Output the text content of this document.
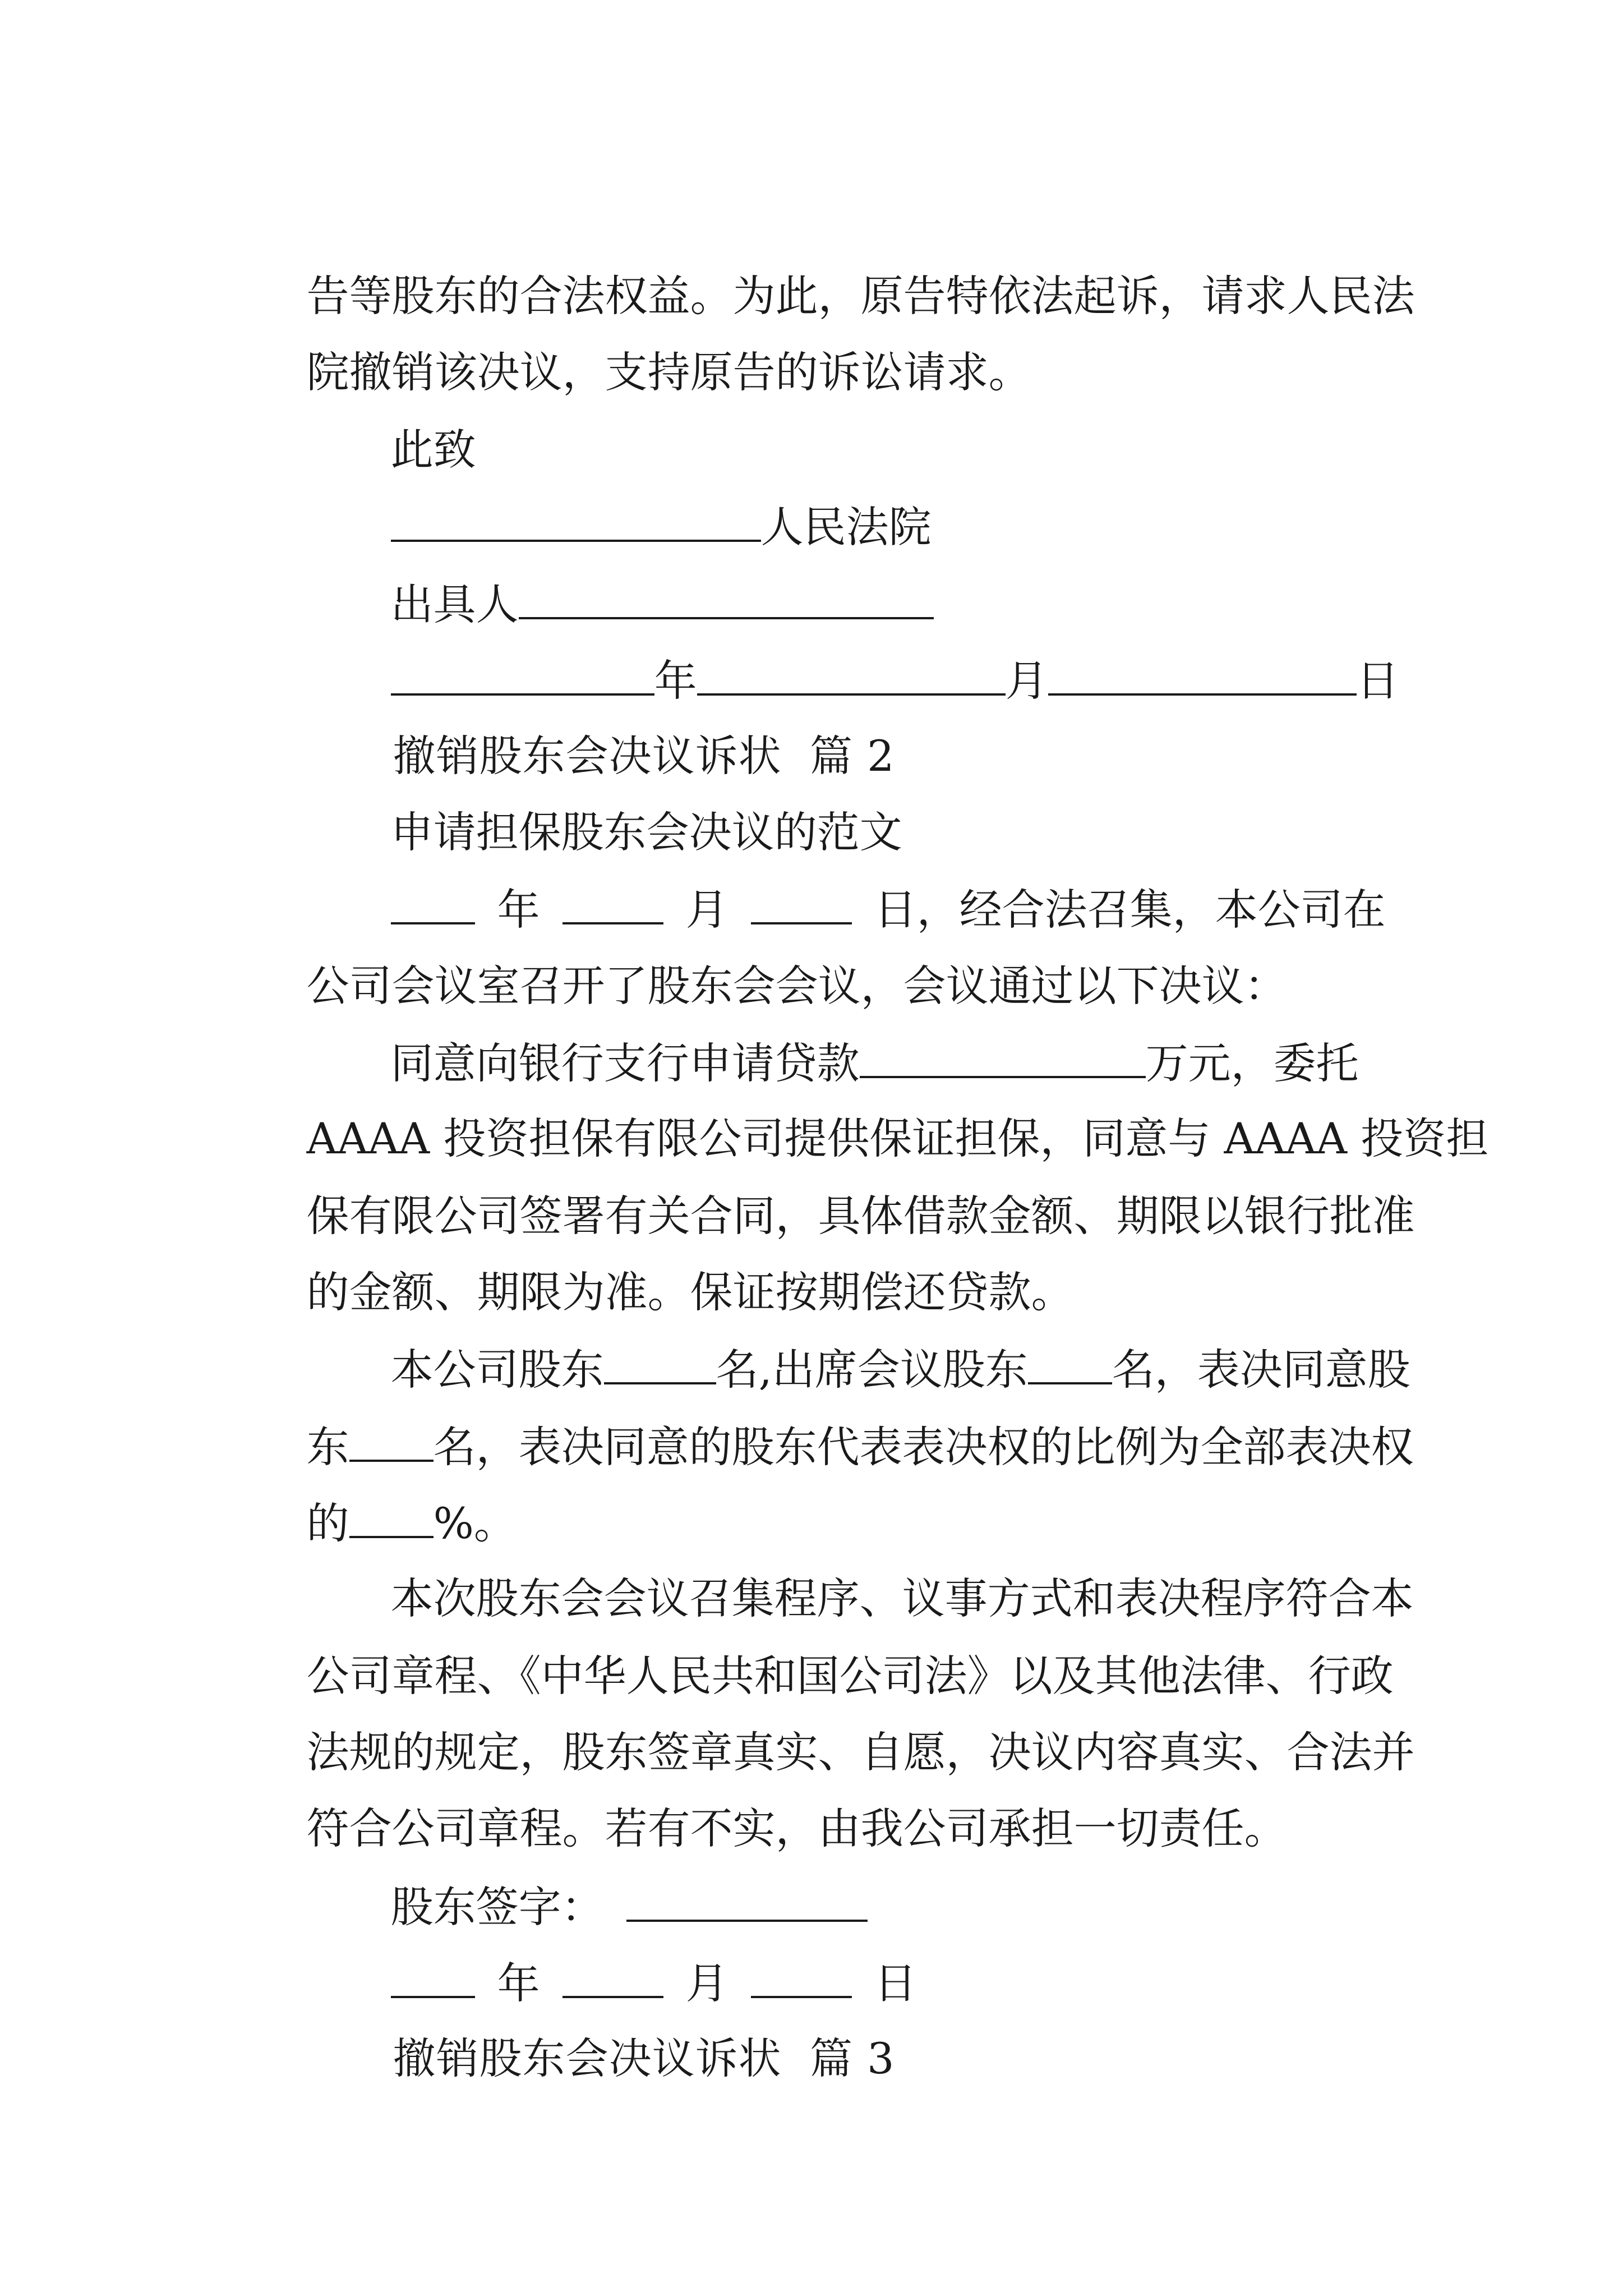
告等股东的合法权益。为此，原告特依法起诉，请求人民法

院撤销该决议，支持原告的诉讼请求。

此致

人民法院

出具人

年	月	日

撤销股东会决议诉状  篇 2

申请担保股东会决议的范文

年	月	日，经合法召集，本公司在

公司会议室召开了股东会会议，会议通过以下决议：

同意向银行支行申请贷款	万元，委托

AAAA 投资担保有限公司提供保证担保，同意与 AAAA 投资担

保有限公司签署有关合同，具体借款金额、期限以银行批准

的金额、期限为准。保证按期偿还贷款。

本公司股东	名,出席会议股东 名，表决同意股

东 名，表决同意的股东代表表决权的比例为全部表决权

的 %。

本次股东会会议召集程序、议事方式和表决程序符合本

公司章程、《中华人民共和国公司法》以及其他法律、行政

法规的规定，股东签章真实、自愿，决议内容真实、合法并

符合公司章程。若有不实，由我公司承担一切责任。

股东签字：

年	月	日

撤销股东会决议诉状  篇 3
